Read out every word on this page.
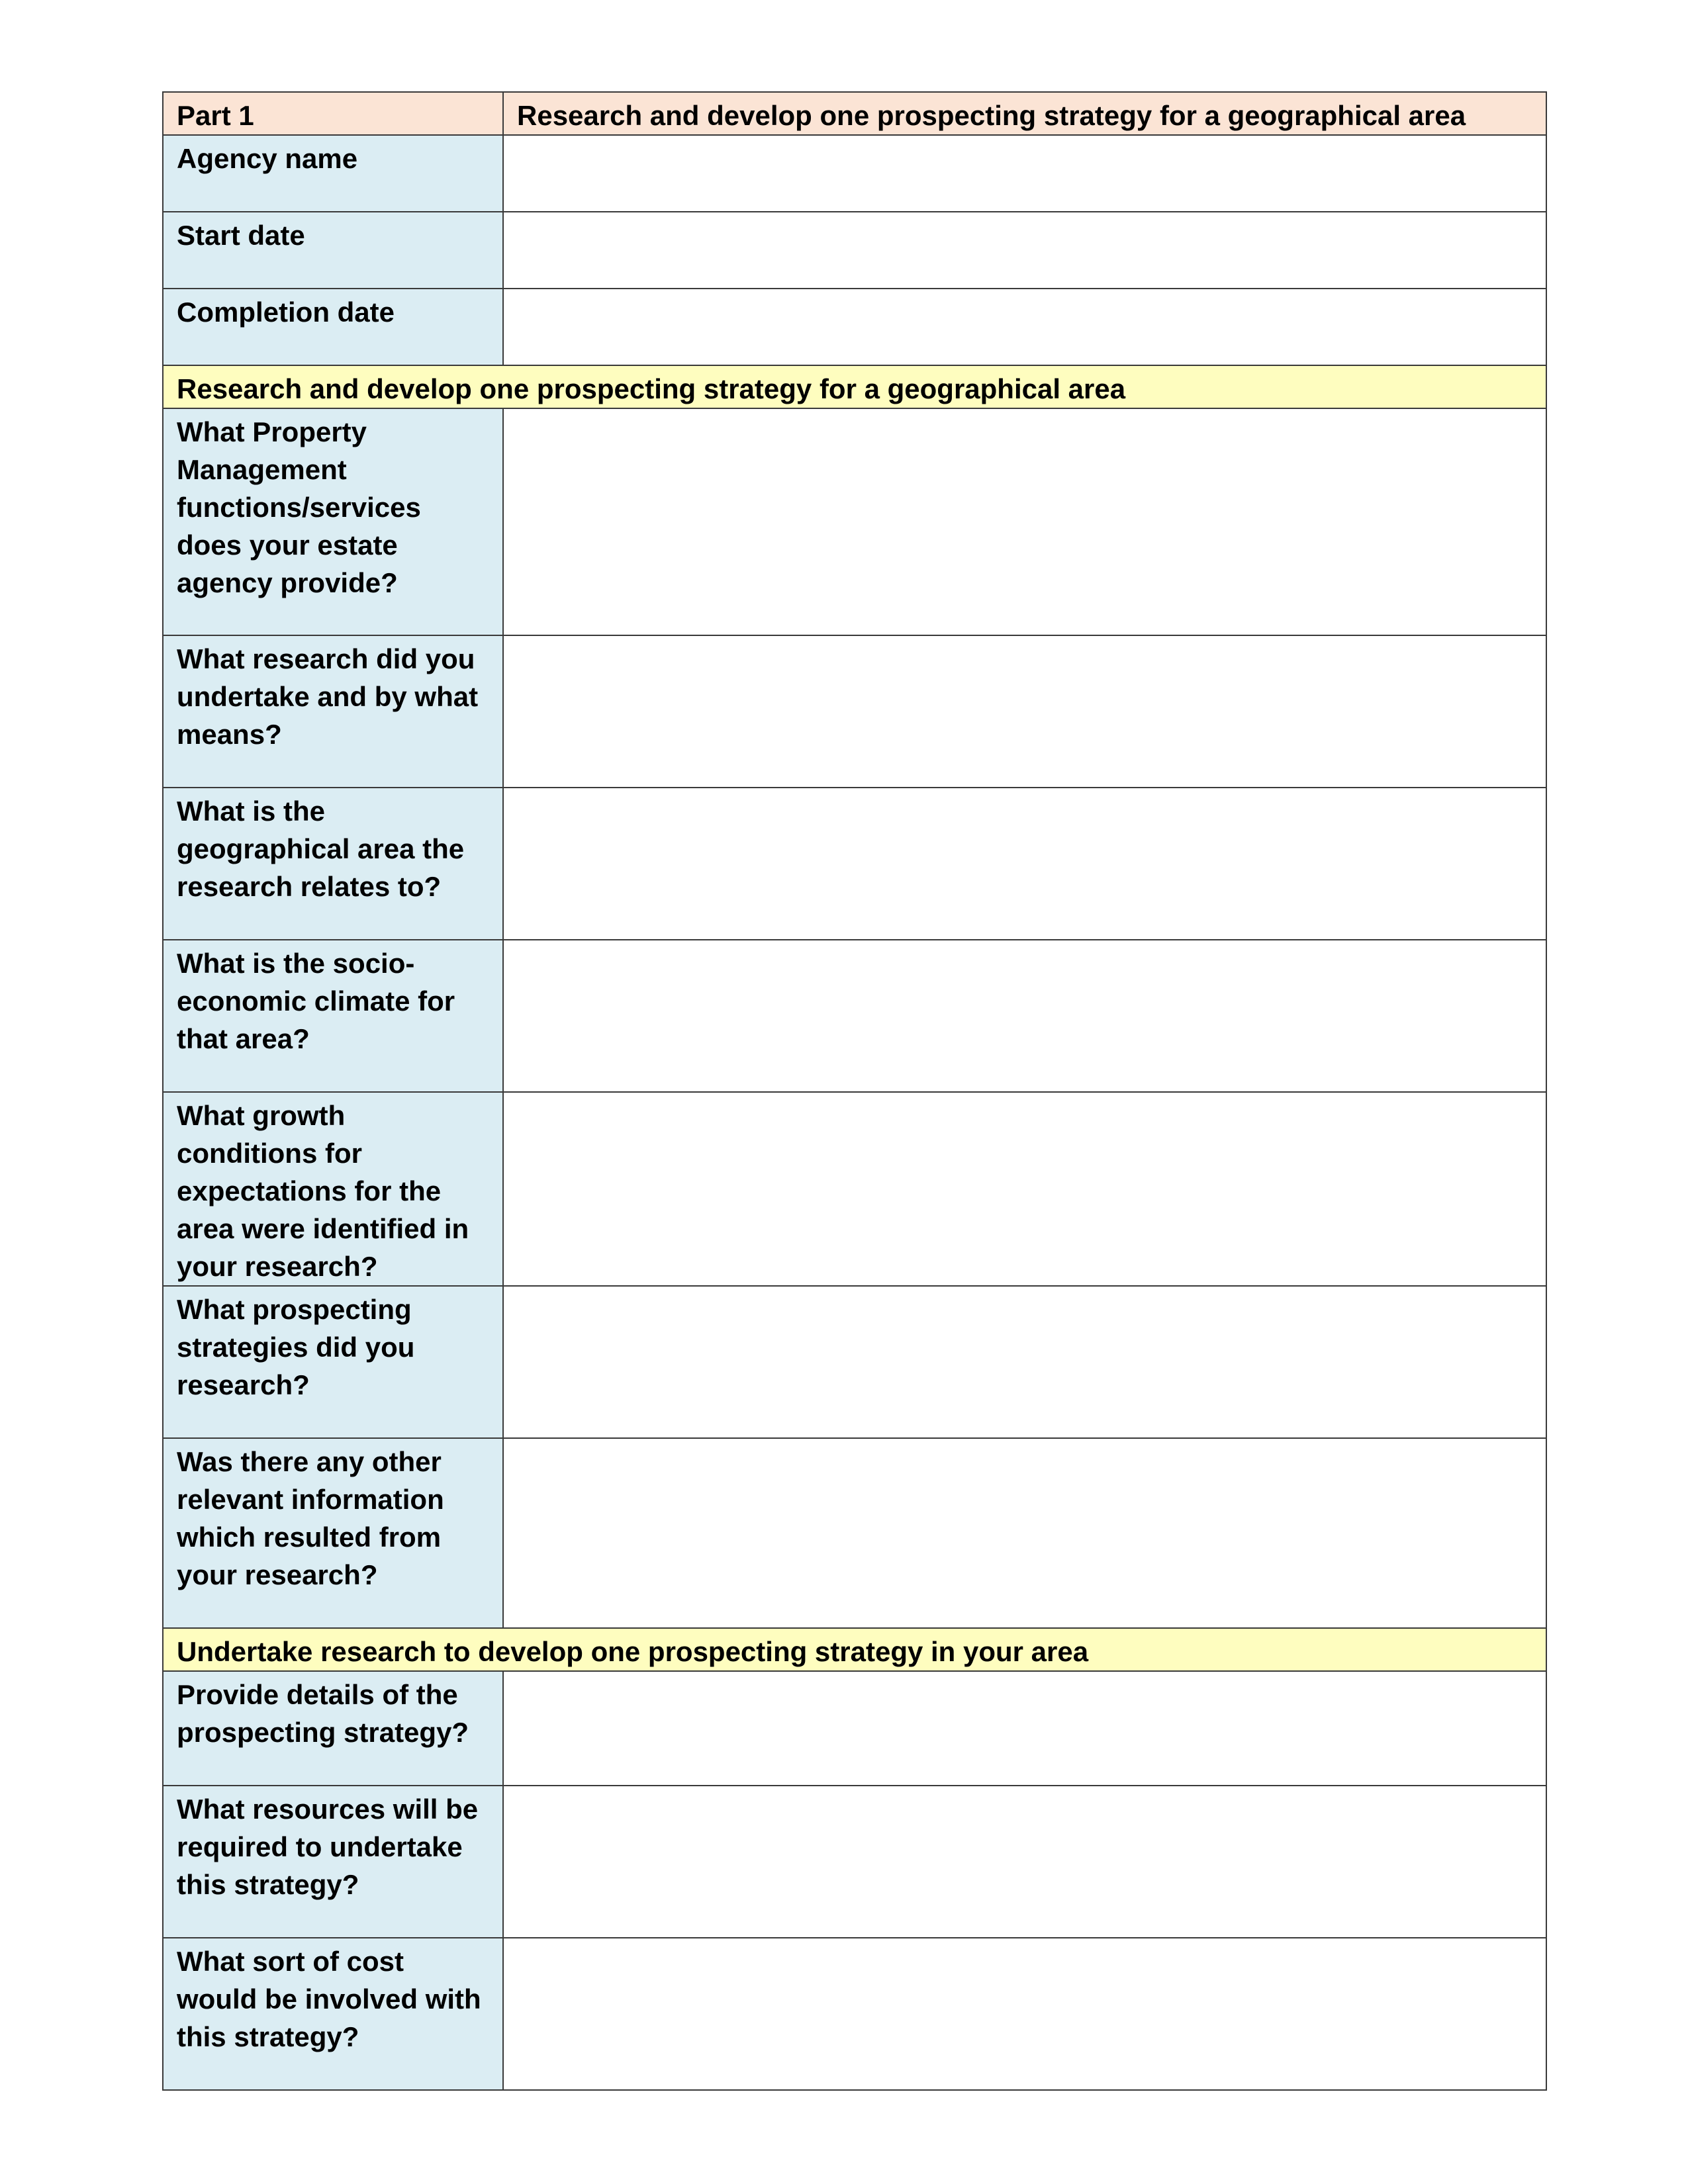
Part 1	Research and develop one prospecting strategy for a geographical area
Agency name	
Start date	
Completion date	
Research and develop one prospecting strategy for a geographical area	
What Property Management functions/services does your estate agency provide?	
What research did you undertake and by what means?	
What is the geographical area the research relates to?	
What is the socio-economic climate for that area?	
What growth conditions for expectations for the area were identified in your research?	
What prospecting strategies did you research?	
Was there any other relevant information which resulted from your research?	
Undertake research to develop one prospecting strategy in your area	
Provide details of the prospecting strategy?	
What resources will be required to undertake this strategy?	
What sort of cost would be involved with this strategy?	
